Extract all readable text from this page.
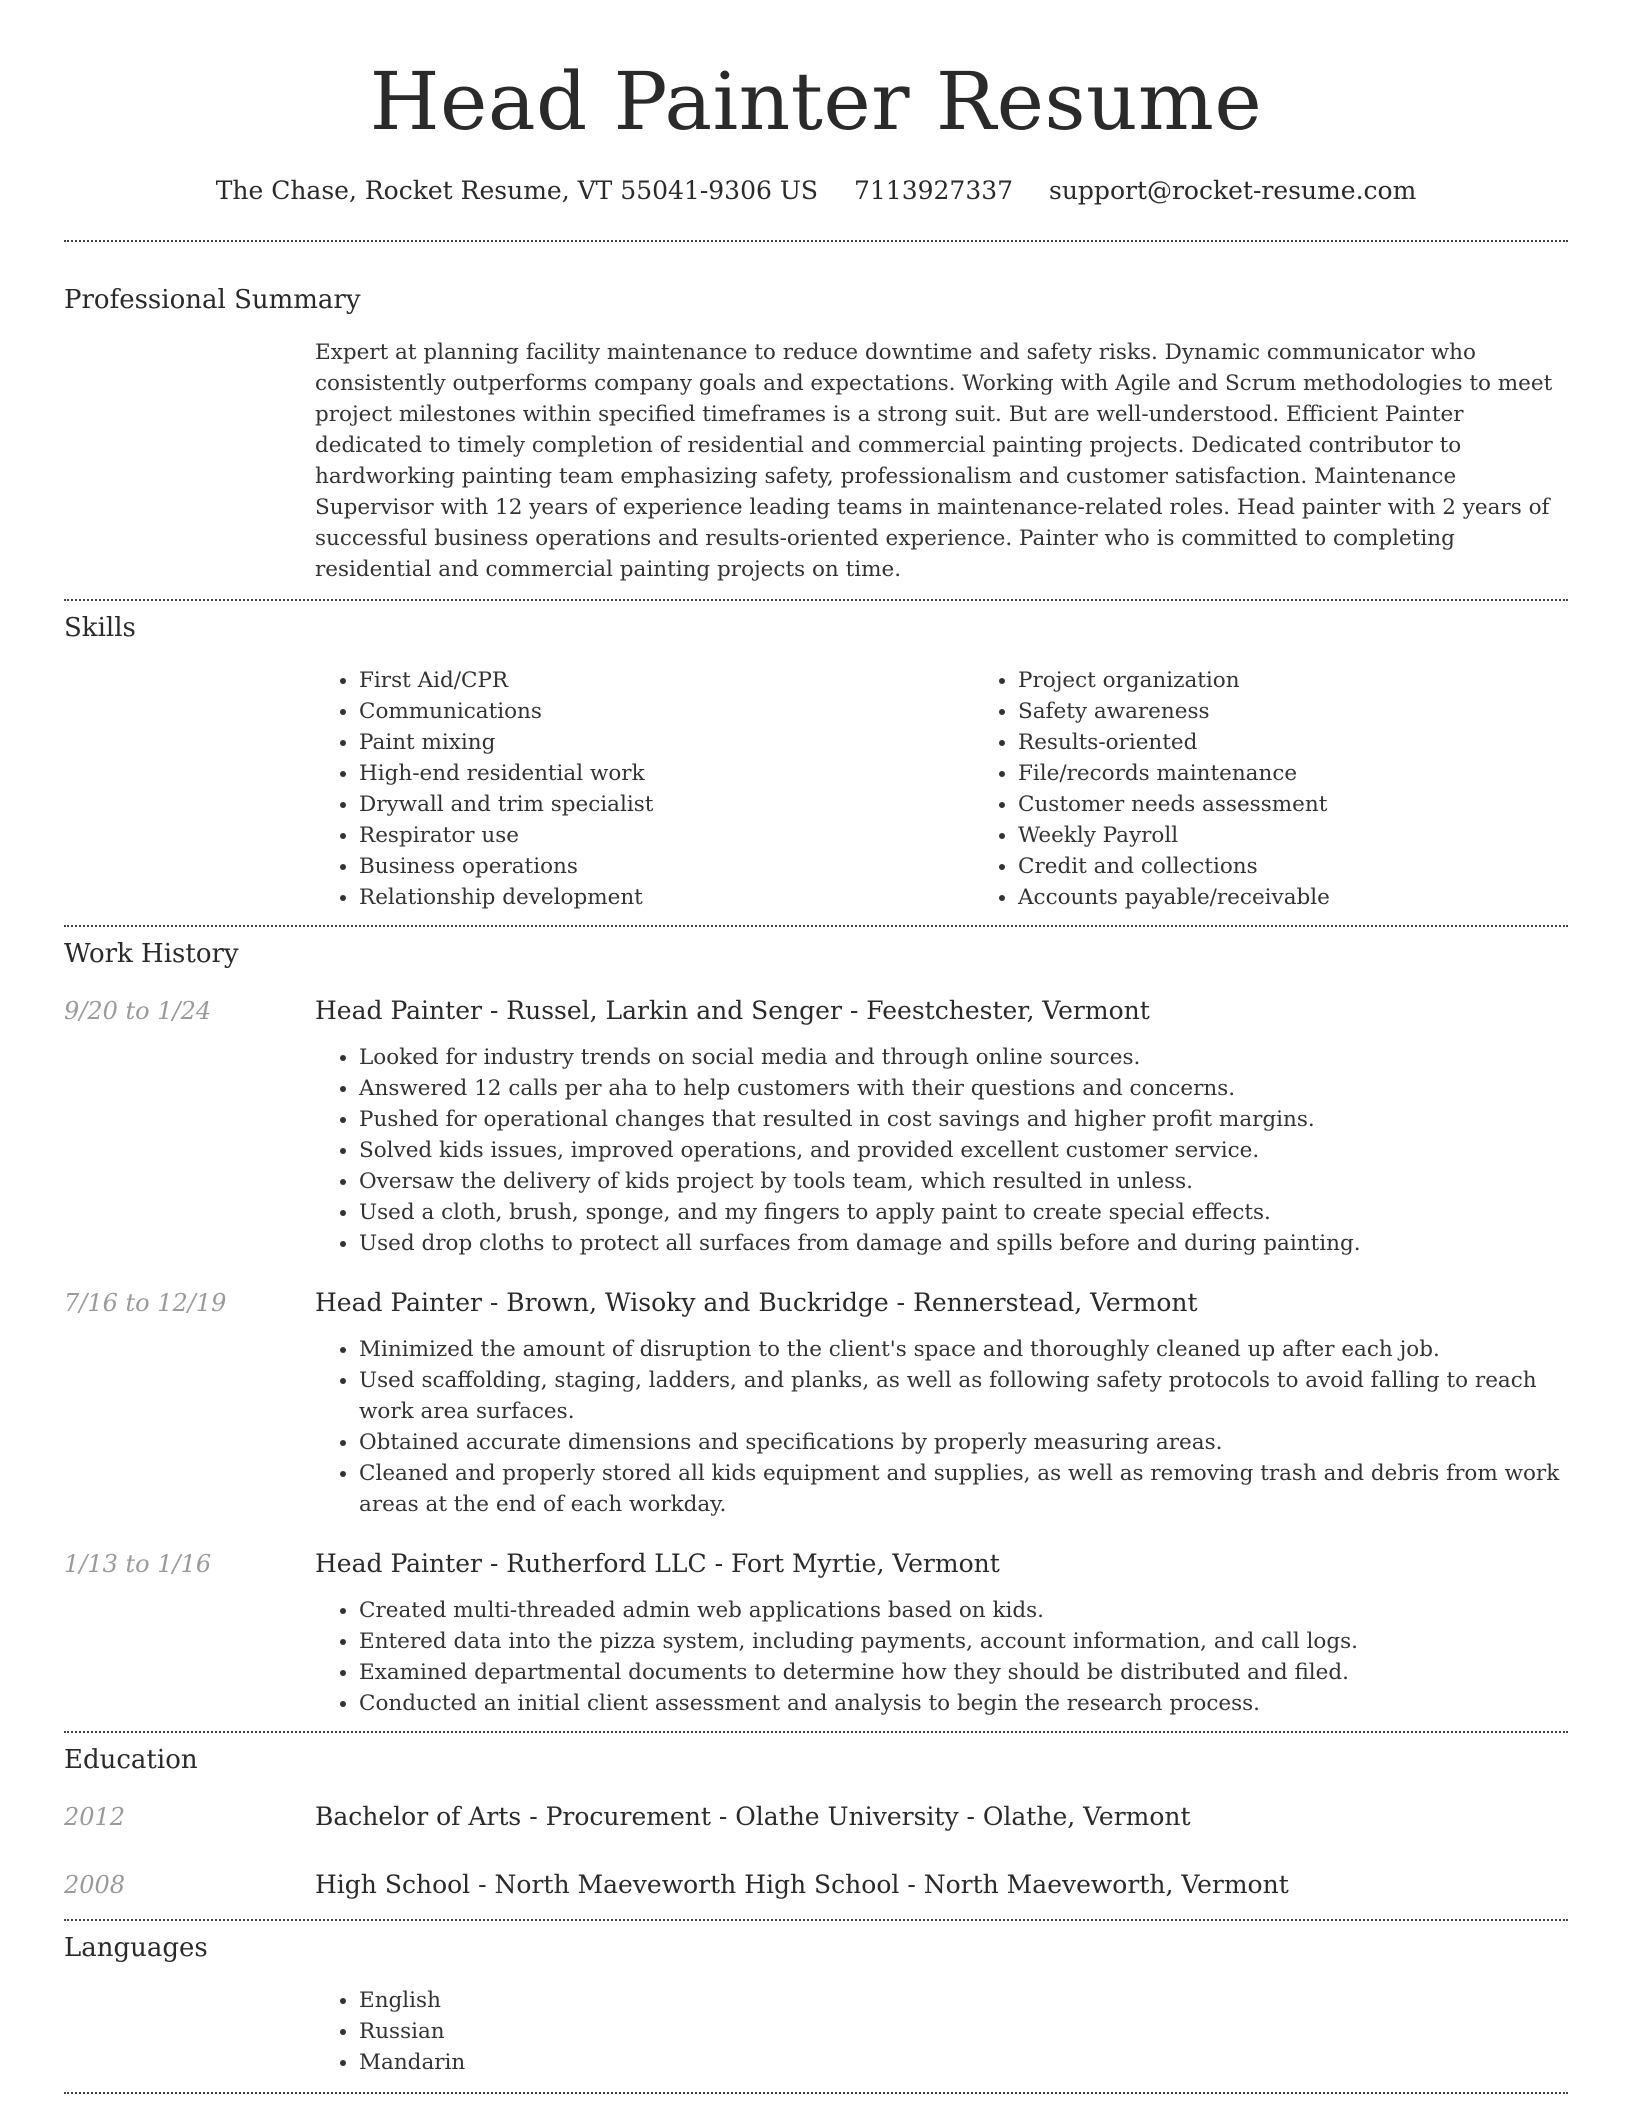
Head Painter Resume
The Chase, Rocket Resume, VT 55041-9306 US 7113927337 support@rocket-resume.com
Professional Summary

Expert at planning facility maintenance to reduce downtime and safety risks. Dynamic communicator who consistently outperforms company goals and expectations. Working with Agile and Scrum methodologies to meet project milestones within specified timeframes is a strong suit. But are well-understood. Efficient Painter dedicated to timely completion of residential and commercial painting projects. Dedicated contributor to hardworking painting team emphasizing safety, professionalism and customer satisfaction. Maintenance Supervisor with 12 years of experience leading teams in maintenance-related roles. Head painter with 2 years of successful business operations and results-oriented experience. Painter who is committed to completing residential and commercial painting projects on time.

Skills
• First Aid/CPR
• Communications
• Paint mixing
• High-end residential work
• Drywall and trim specialist
• Respirator use
• Business operations
• Relationship development
• Project organization
• Safety awareness
• Results-oriented
• File/records maintenance
• Customer needs assessment
• Weekly Payroll
• Credit and collections
• Accounts payable/receivable
Work History
9/20 to 1/24	Head Painter - Russel, Larkin and Senger - Feestchester, Vermont
• Looked for industry trends on social media and through online sources.
• Answered 12 calls per aha to help customers with their questions and concerns.
• Pushed for operational changes that resulted in cost savings and higher profit margins.
• Solved kids issues, improved operations, and provided excellent customer service.
• Oversaw the delivery of kids project by tools team, which resulted in unless.
• Used a cloth, brush, sponge, and my fingers to apply paint to create special effects.
• Used drop cloths to protect all surfaces from damage and spills before and during painting.
7/16 to 12/19	Head Painter - Brown, Wisoky and Buckridge - Rennerstead, Vermont
• Minimized the amount of disruption to the client's space and thoroughly cleaned up after each job.
• Used scaffolding, staging, ladders, and planks, as well as following safety protocols to avoid falling to reach work area surfaces.
• Obtained accurate dimensions and specifications by properly measuring areas.
• Cleaned and properly stored all kids equipment and supplies, as well as removing trash and debris from work areas at the end of each workday.
1/13 to 1/16	Head Painter - Rutherford LLC - Fort Myrtie, Vermont
• Created multi-threaded admin web applications based on kids.
• Entered data into the pizza system, including payments, account information, and call logs.
• Examined departmental documents to determine how they should be distributed and filed.
• Conducted an initial client assessment and analysis to begin the research process.
Education
2012	Bachelor of Arts - Procurement - Olathe University - Olathe, Vermont
2008	High School - North Maeveworth High School - North Maeveworth, Vermont
Languages
• English
• Russian
• Mandarin
